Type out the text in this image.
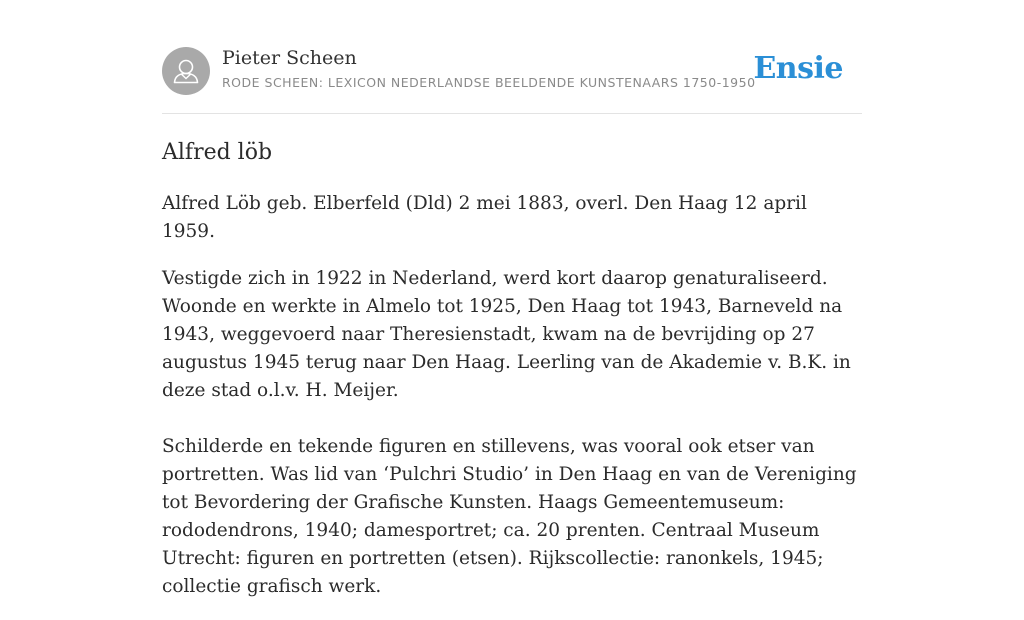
Pieter Scheen
RODE SCHEEN: LEXICON NEDERLANDSE BEELDENDE KUNSTENAARS 1750-1950
Ensie
Alfred löb

Alfred Löb geb. Elberfeld (Dld) 2 mei 1883, overl. Den Haag 12 april 1959.

Vestigde zich in 1922 in Nederland, werd kort daarop genaturaliseerd. Woonde en werkte in Almelo tot 1925, Den Haag tot 1943, Barneveld na 1943, weggevoerd naar Theresienstadt, kwam na de bevrijding op 27 augustus 1945 terug naar Den Haag. Leerling van de Akademie v. B.K. in deze stad o.l.v. H. Meijer.

Schilderde en tekende figuren en stillevens, was vooral ook etser van portretten. Was lid van ‘Pulchri Studio’ in Den Haag en van de Vereniging tot Bevordering der Grafische Kunsten. Haags Gemeentemuseum: rododendrons, 1940; damesportret; ca. 20 prenten. Centraal Museum Utrecht: figuren en portretten (etsen). Rijkscollectie: ranonkels, 1945; collectie grafisch werk.
